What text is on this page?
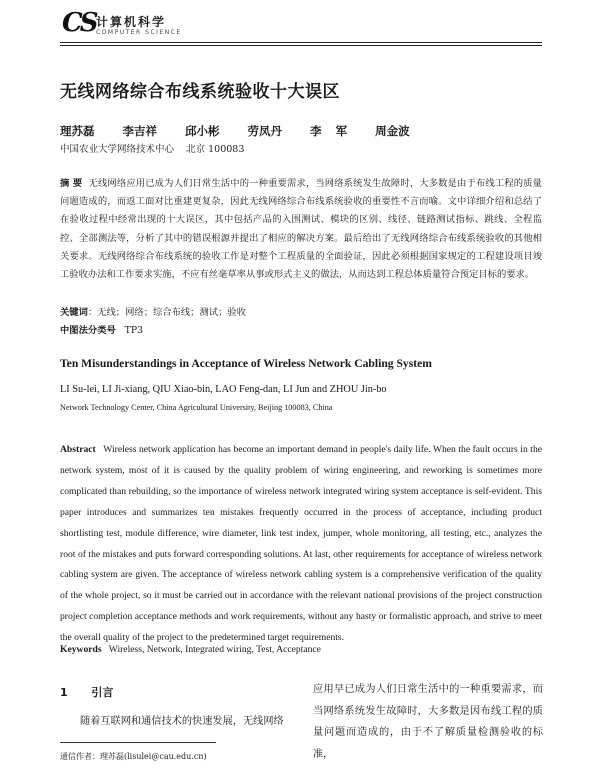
CS 计算机科学
COMPUTER SCIENCE
无线网络综合布线系统验收十大误区
理苏磊    李吉祥    邱小彬    劳凤丹    李  军    周金波
中国农业大学网络技术中心    北京 100083
摘 要 无线网络应用已成为人们日常生活中的一种重要需求，当网络系统发生故障时，大多数是由于布线工程的质量问题造成的，而返工面对比重建更复杂，因此无线网络综合布线系统验收的重要性不言而喻。文中详细介绍和总结了在验收过程中经常出现的十大误区，其中包括产品的入围测试、模块的区别、线径、链路测试指标、跳线、全程监控、全部测法等，分析了其中的错误根源并提出了相应的解决方案。最后给出了无线网络综合布线系统验收的其他相关要求。无线网络综合布线系统的验收工作是对整个工程质量的全面验证，因此必须根据国家规定的工程建设项目竣工验收办法和工作要求实施，不应有丝毫草率从事或形式主义的做法，从而达到工程总体质量符合预定目标的要求。
关键词：无线；网络；综合布线；测试；验收
中图法分类号 TP3
Ten Misunderstandings in Acceptance of Wireless Network Cabling System
LI Su-lei, LI Ji-xiang, QIU Xiao-bin, LAO Feng-dan, LI Jun and ZHOU Jin-bo
Network Technology Center, China Agricultural University, Beijing 100083, China
Abstract Wireless network application has become an important demand in people's daily life. When the fault occurs in the network system, most of it is caused by the quality problem of wiring engineering, and reworking is sometimes more complicated than rebuilding, so the importance of wireless network integrated wiring system acceptance is self-evident. This paper introduces and summarizes ten mistakes frequently occurred in the process of acceptance, including product shortlisting test, module difference, wire diameter, link test index, jumper, whole monitoring, all testing, etc., analyzes the root of the mistakes and puts forward corresponding solutions. At last, other requirements for acceptance of wireless network cabling system are given. The acceptance of wireless network cabling system is a comprehensive verification of the quality of the whole project, so it must be carried out in accordance with the relevant national provisions of the project construction project completion acceptance methods and work requirements, without any hasty or formalistic approach, and strive to meet the overall quality of the project to the predetermined target requirements.
Keywords Wireless, Network, Integrated wiring, Test, Acceptance
1 引言
随着互联网和通信技术的快速发展，无线网络
应用早已成为人们日常生活中的一种重要需求，而当网络系统发生故障时，大多数是因布线工程的质量问题而造成的，由于不了解质量检测验收的标准，
通信作者：理苏磊(lisulei@cau.edu.cn)
